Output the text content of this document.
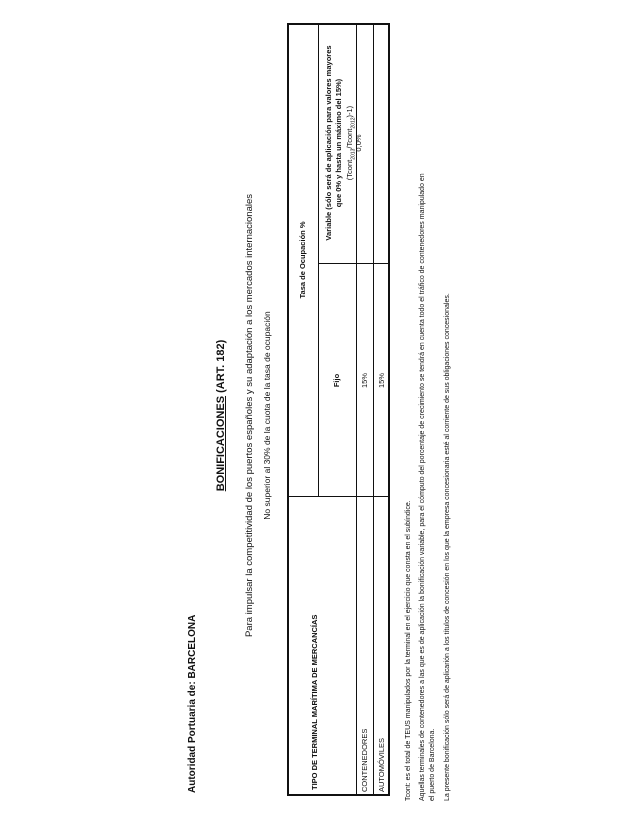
Autoridad Portuaria de: BARCELONA
BONIFICACIONES (ART. 182) Para impulsar la competitividad de los puertos españoles y su adaptación a los mercados internacionales No superior al 30% de la cuota de la tasa de ocupación
TIPO DE TERMINAL MARÍTIMA DE MERCANCÍAS
Tasa de Ocupación %
Fijo
Variable (sólo será de aplicación para valores mayores que 0% y hasta un máximo del 15%) (Tcont$_{2013}$/Tcont$_{2012}$)-1)
CONTENEDORES
15%
AUTOMÓVILES
15%
0,0%
Tcont: es el total de TEUS manipulados por la terminal en el ejercicio que consta en el subíndice. Aquellas terminales de contenedores a las que es de aplicación la bonificación variable, para el cómputo del porcentaje de crecimiento se tendrá en cuenta todo el tráfico de contenedores manipulado en el puerto de Barcelona. La presente bonificación sólo será de aplicarión a los títulos de concesión en los que la empresa concesionaria esté al corriente de sus obligaciones concesionales.
